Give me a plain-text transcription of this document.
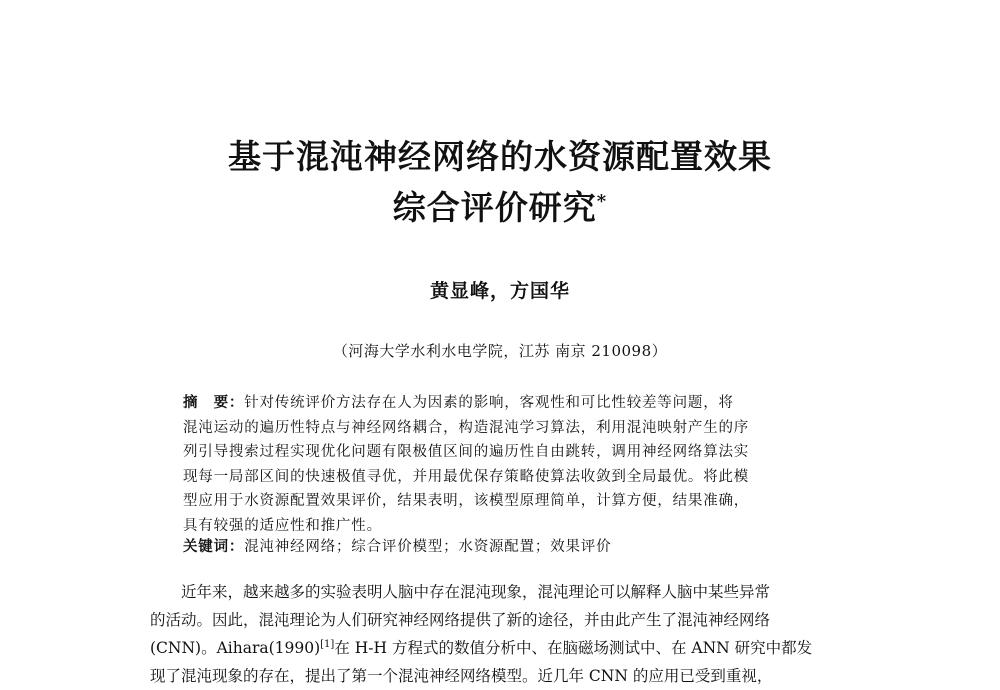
基于混沌神经网络的水资源配置效果
综合评价研究*
黄显峰，方国华
（河海大学水利水电学院，江苏 南京 210098）
摘　要：针对传统评价方法存在人为因素的影响，客观性和可比性较差等问题，将
混沌运动的遍历性特点与神经网络耦合，构造混沌学习算法，利用混沌映射产生的序
列引导搜索过程实现优化问题有限极值区间的遍历性自由跳转，调用神经网络算法实
现每一局部区间的快速极值寻优，并用最优保存策略使算法收敛到全局最优。将此模
型应用于水资源配置效果评价，结果表明，该模型原理简单，计算方便，结果准确，
具有较强的适应性和推广性。
关键词：混沌神经网络；综合评价模型；水资源配置；效果评价
近年来，越来越多的实验表明人脑中存在混沌现象，混沌理论可以解释人脑中某些异常
的活动。因此，混沌理论为人们研究神经网络提供了新的途径，并由此产生了混沌神经网络
(CNN)。Aihara(1990)[1]在 H-H 方程式的数值分析中、在脑磁场测试中、在 ANN 研究中都发
现了混沌现象的存在，提出了第一个混沌神经网络模型。近几年 CNN 的应用已受到重视，
